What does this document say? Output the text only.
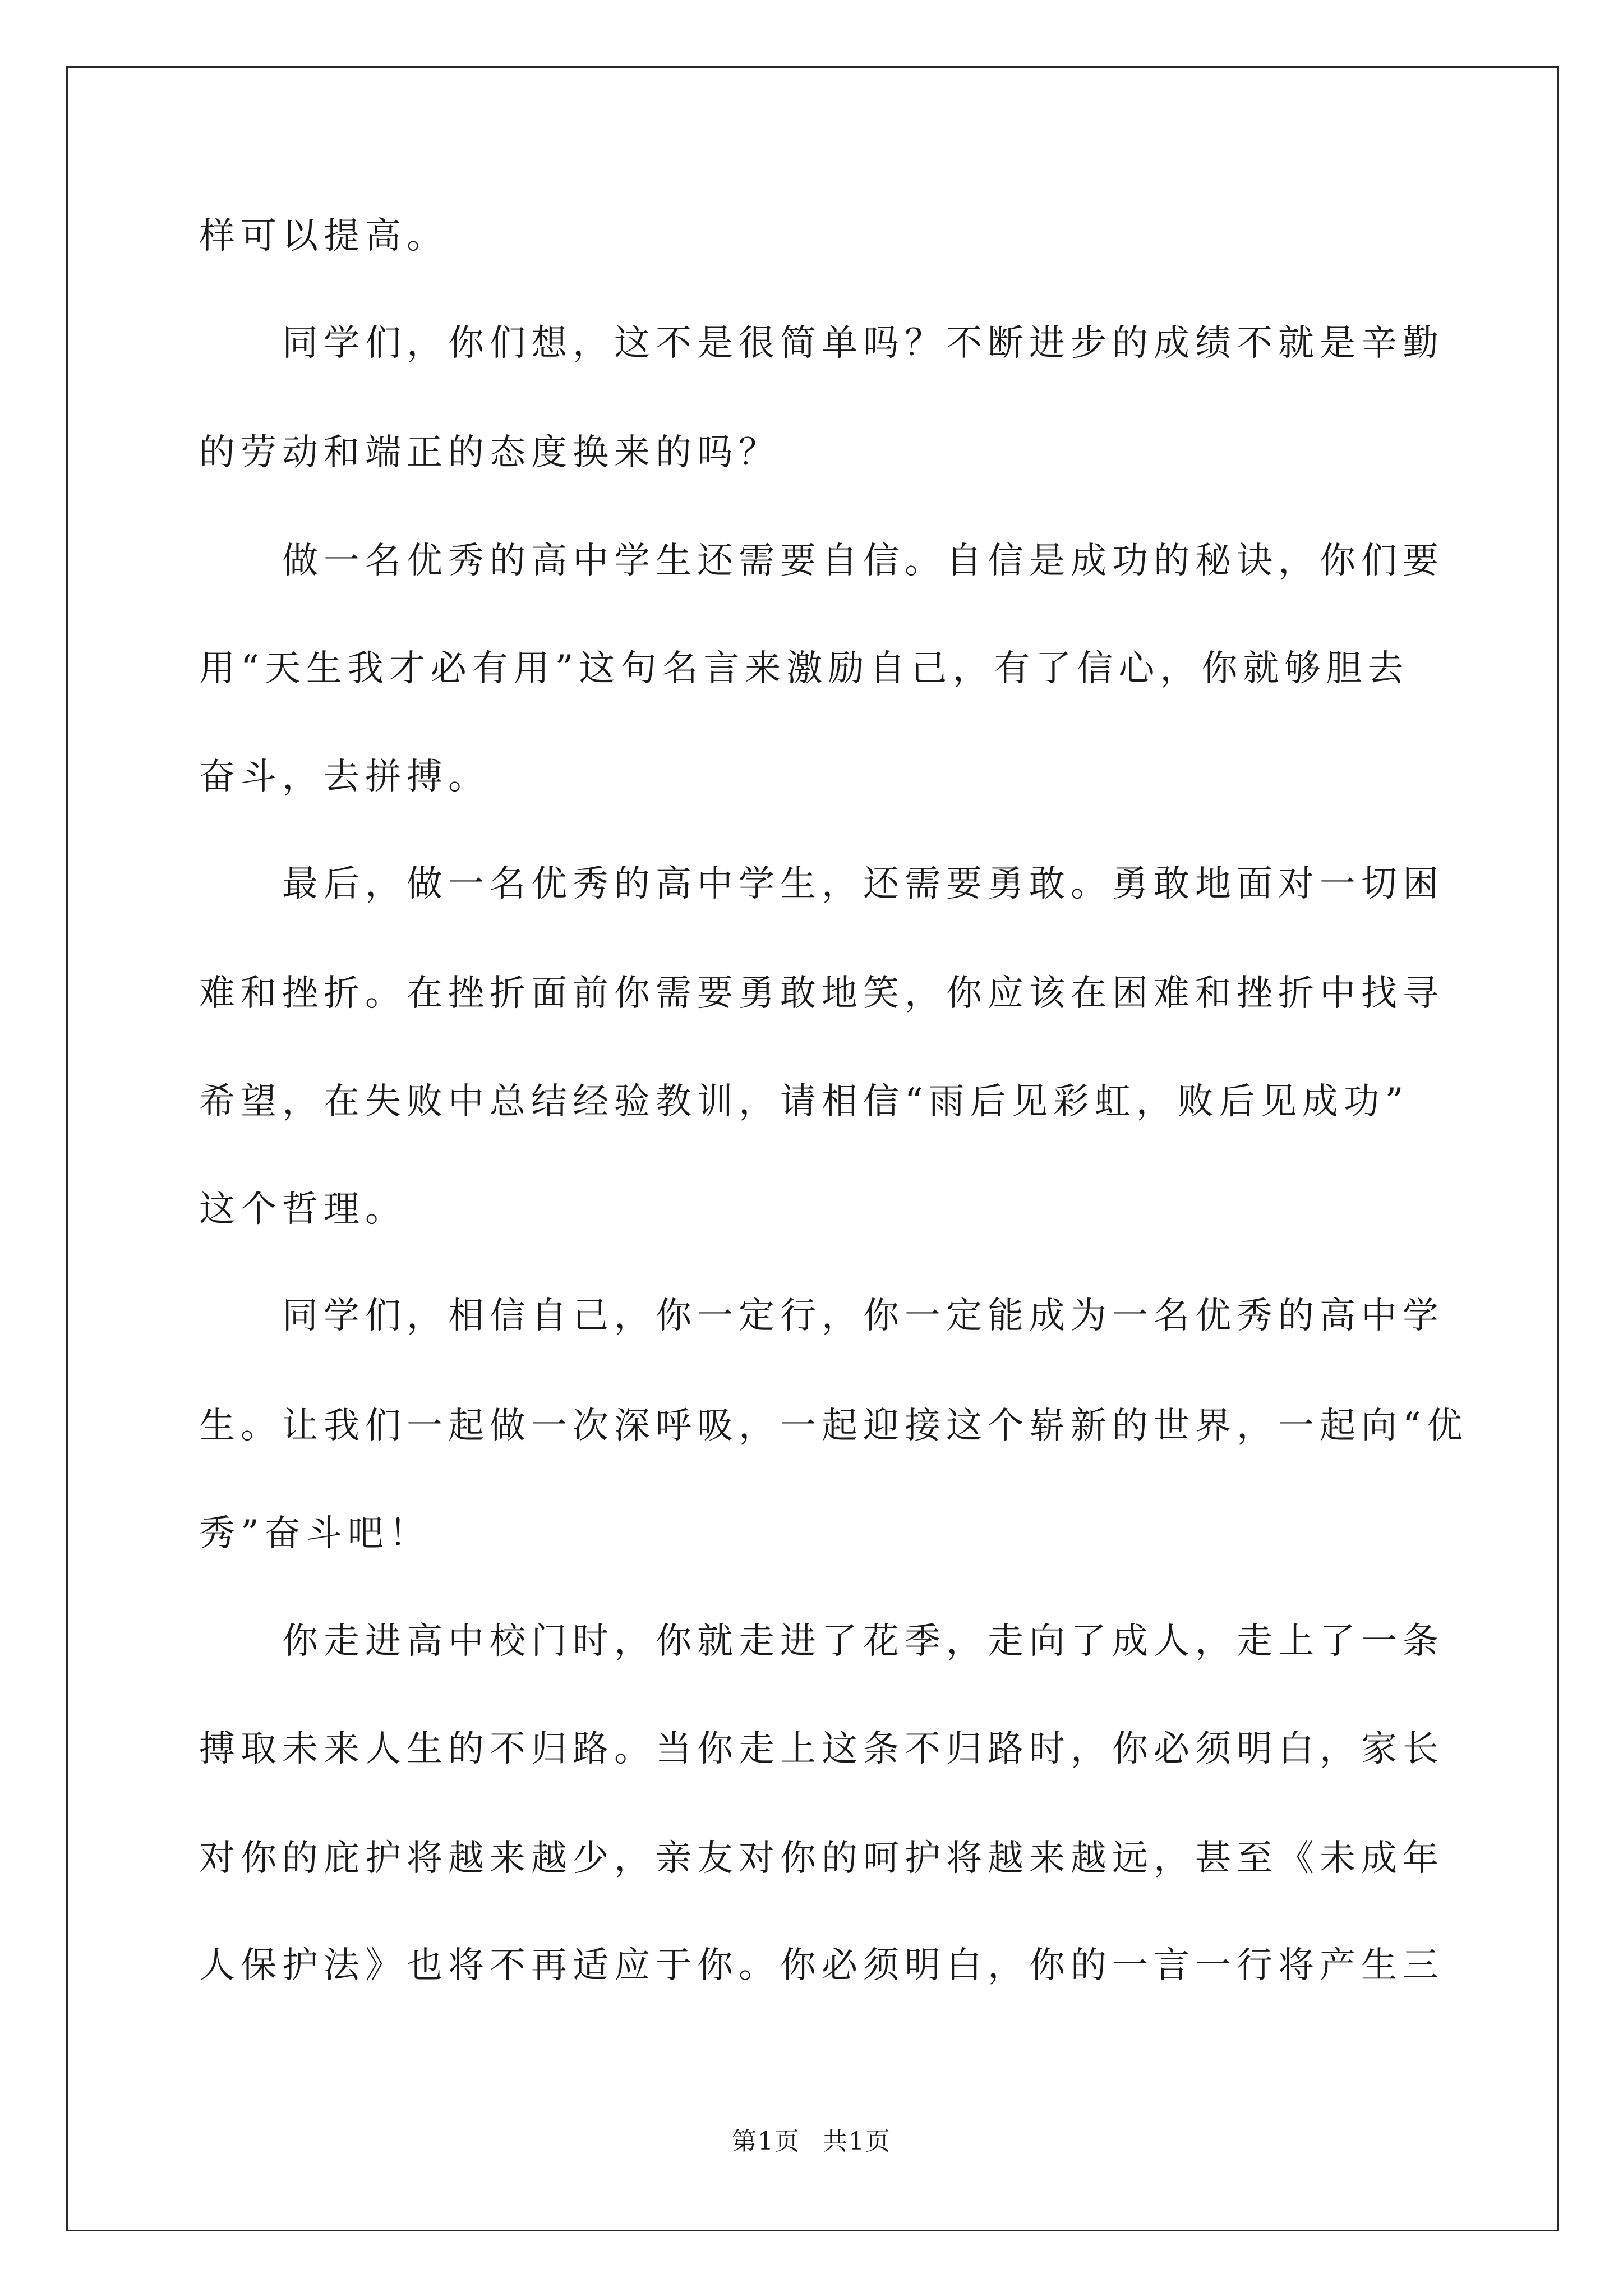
样可以提高。
同学们，你们想，这不是很简单吗？不断进步的成绩不就是辛勤
的劳动和端正的态度换来的吗？
做一名优秀的高中学生还需要自信。自信是成功的秘诀，你们要
用“天生我才必有用”这句名言来激励自己，有了信心，你就够胆去
奋斗，去拼搏。
最后，做一名优秀的高中学生，还需要勇敢。勇敢地面对一切困
难和挫折。在挫折面前你需要勇敢地笑，你应该在困难和挫折中找寻
希望，在失败中总结经验教训，请相信“雨后见彩虹，败后见成功”
这个哲理。
同学们，相信自己，你一定行，你一定能成为一名优秀的高中学
生。让我们一起做一次深呼吸，一起迎接这个崭新的世界，一起向“优
秀”奋斗吧！
你走进高中校门时，你就走进了花季，走向了成人，走上了一条
搏取未来人生的不归路。当你走上这条不归路时，你必须明白，家长
对你的庇护将越来越少，亲友对你的呵护将越来越远，甚至《未成年
人保护法》也将不再适应于你。你必须明白，你的一言一行将产生三
第1页 共1页
